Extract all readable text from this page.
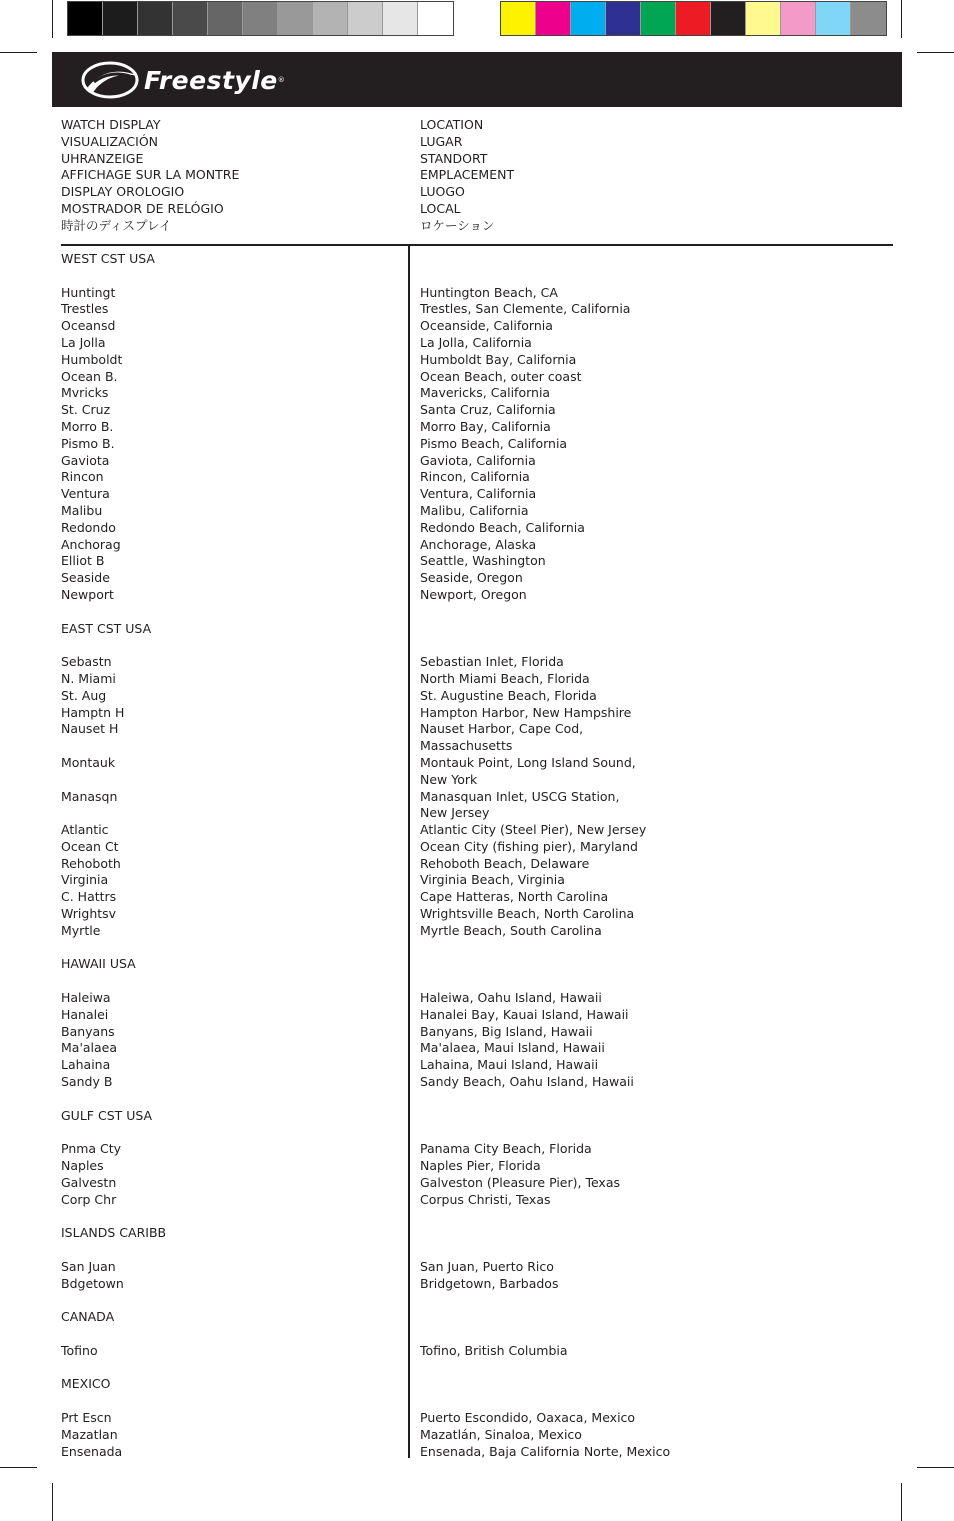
Freestyle ®
WATCH DISPLAY
VISUALIZACIÓN
UHRANZEIGE
AFFICHAGE SUR LA MONTRE
DISPLAY OROLOGIO
MOSTRADOR DE RELÓGIO
時計のディスプレイ
LOCATION
LUGAR
STANDORT
EMPLACEMENT
LUOGO
LOCAL
ロケーション
WEST CST USA
Huntingt
Trestles
Oceansd
La Jolla
Humboldt
Ocean B.
Mvricks
St. Cruz
Morro B.
Pismo B.
Gaviota
Rincon
Ventura
Malibu
Redondo
Anchorag
Elliot B
Seaside
Newport
EAST CST USA
Sebastn
N. Miami
St. Aug
Hamptn H
Nauset H
Montauk
Manasqn
Atlantic
Ocean Ct
Rehoboth
Virginia
C. Hattrs
Wrightsv
Myrtle
HAWAII USA
Haleiwa
Hanalei
Banyans
Ma'alaea
Lahaina
Sandy B
GULF CST USA
Pnma Cty
Naples
Galvestn
Corp Chr
ISLANDS CARIBB
San Juan
Bdgetown
CANADA
Tofino
MEXICO
Prt Escn
Mazatlan
Ensenada
Huntington Beach, CA
Trestles, San Clemente, California
Oceanside, California
La Jolla, California
Humboldt Bay, California
Ocean Beach, outer coast
Mavericks, California
Santa Cruz, California
Morro Bay, California
Pismo Beach, California
Gaviota, California
Rincon, California
Ventura, California
Malibu, California
Redondo Beach, California
Anchorage, Alaska
Seattle, Washington
Seaside, Oregon
Newport, Oregon
Sebastian Inlet, Florida
North Miami Beach, Florida
St. Augustine Beach, Florida
Hampton Harbor, New Hampshire
Nauset Harbor, Cape Cod,
Massachusetts
Montauk Point, Long Island Sound,
New York
Manasquan Inlet, USCG Station,
New Jersey
Atlantic City (Steel Pier), New Jersey
Ocean City (fishing pier), Maryland
Rehoboth Beach, Delaware
Virginia Beach, Virginia
Cape Hatteras, North Carolina
Wrightsville Beach, North Carolina
Myrtle Beach, South Carolina
Haleiwa, Oahu Island, Hawaii
Hanalei Bay, Kauai Island, Hawaii
Banyans, Big Island, Hawaii
Ma'alaea, Maui Island, Hawaii
Lahaina, Maui Island, Hawaii
Sandy Beach, Oahu Island, Hawaii
Panama City Beach, Florida
Naples Pier, Florida
Galveston (Pleasure Pier), Texas
Corpus Christi, Texas
San Juan, Puerto Rico
Bridgetown, Barbados
Tofino, British Columbia
Puerto Escondido, Oaxaca, Mexico
Mazatlán, Sinaloa, Mexico
Ensenada, Baja California Norte, Mexico
